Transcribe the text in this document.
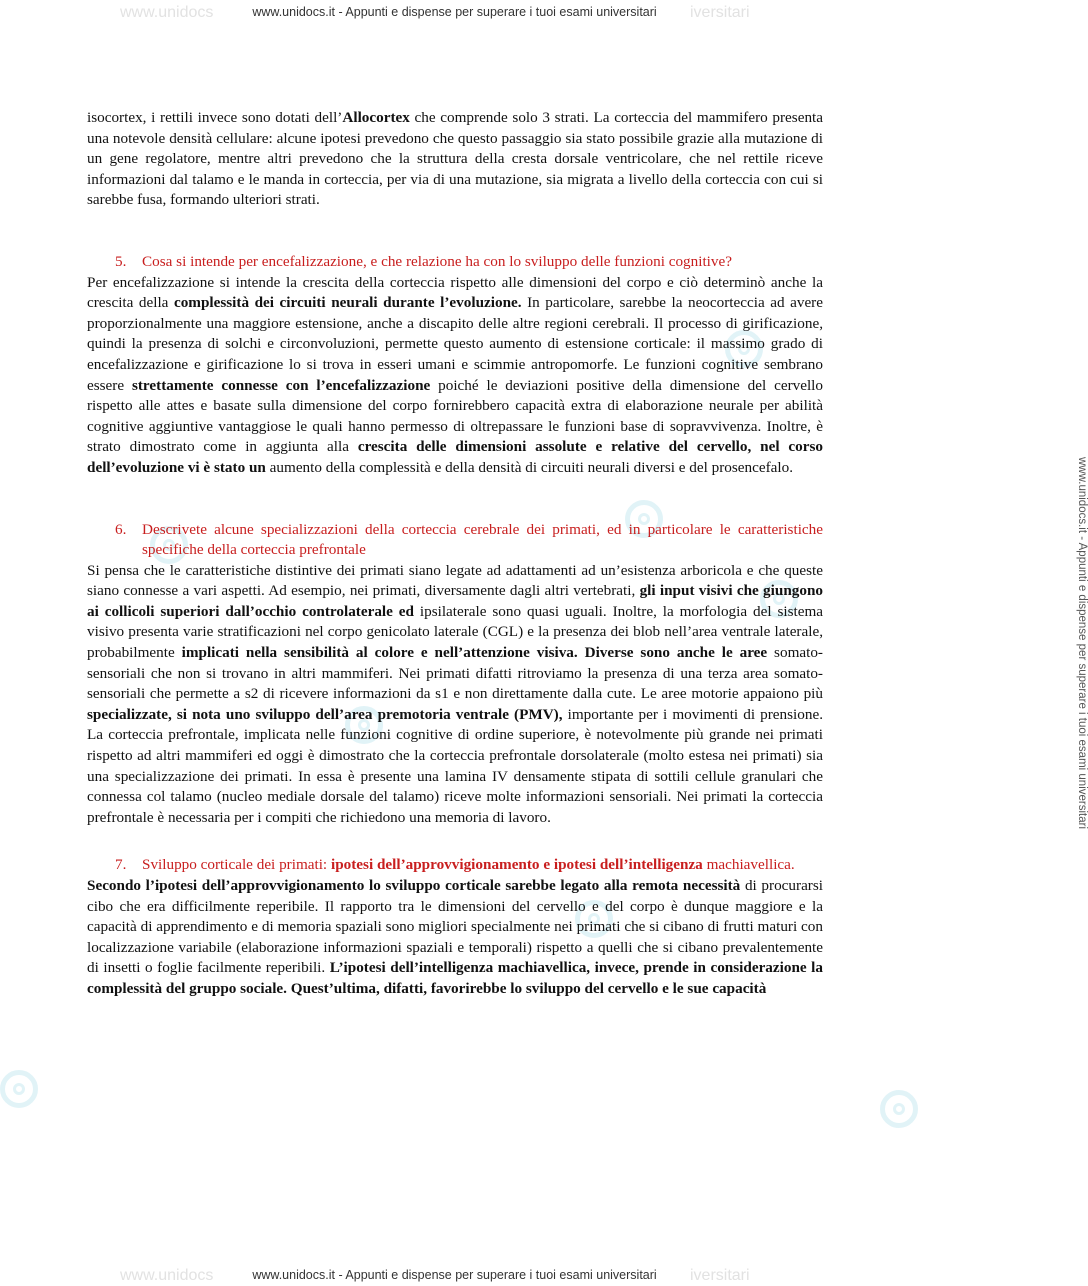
www.unidocs	iversitari
www.unidocs.it - Appunti e dispense per superare i tuoi esami universitari
www.unidocs	iversitari
www.unidocs.it - Appunti e dispense per superare i tuoi esami universitari
www.unidocs.it - Appunti e dispense per superare i tuoi esami universitari

isocortex, i rettili invece sono dotati dell’Allocortex che comprende solo 3 strati. La corteccia del mammifero presenta una notevole densità cellulare: alcune ipotesi prevedono che questo passaggio sia stato possibile grazie alla mutazione di un gene regolatore, mentre altri prevedono che la struttura della cresta dorsale ventricolare, che nel rettile riceve informazioni dal talamo e le manda in corteccia, per via di una mutazione, sia migrata a livello della corteccia con cui si sarebbe fusa, formando ulteriori strati.

5. Cosa si intende per encefalizzazione, e che relazione ha con lo sviluppo delle funzioni cognitive?

Per encefalizzazione si intende la crescita della corteccia rispetto alle dimensioni del corpo e ciò determinò anche la crescita della complessità dei circuiti neurali durante l’evoluzione. In particolare, sarebbe la neocorteccia ad avere proporzionalmente una maggiore estensione, anche a discapito delle altre regioni cerebrali. Il processo di girificazione, quindi la presenza di solchi e circonvoluzioni, permette questo aumento di estensione corticale: il massimo grado di encefalizzazione e girificazione lo si trova in esseri umani e scimmie antropomorfe. Le funzioni cognitive sembrano essere strettamente connesse con l’encefalizzazione poiché le deviazioni positive della dimensione del cervello rispetto alle attes e basate sulla dimensione del corpo fornirebbero capacità extra di elaborazione neurale per abilità cognitive aggiuntive vantaggiose le quali hanno permesso di oltrepassare le funzioni base di sopravvivenza. Inoltre, è strato dimostrato come in aggiunta alla crescita delle dimensioni assolute e relative del cervello, nel corso dell’evoluzione vi è stato un aumento della complessità e della densità di circuiti neurali diversi e del prosencefalo.

6. Descrivete alcune specializzazioni della corteccia cerebrale dei primati, ed in particolare le caratteristiche specifiche della corteccia prefrontale

Si pensa che le caratteristiche distintive dei primati siano legate ad adattamenti ad un’esistenza arboricola e che queste siano connesse a vari aspetti. Ad esempio, nei primati, diversamente dagli altri vertebrati, gli input visivi che giungono ai collicoli superiori dall’occhio controlaterale ed ipsilaterale sono quasi uguali. Inoltre, la morfologia del sistema visivo presenta varie stratificazioni nel corpo genicolato laterale (CGL) e la presenza dei blob nell’area ventrale laterale, probabilmente implicati nella sensibilità al colore e nell’attenzione visiva. Diverse sono anche le aree somato-sensoriali che non si trovano in altri mammiferi. Nei primati difatti ritroviamo la presenza di una terza area somato-sensoriali che permette a s2 di ricevere informazioni da s1 e non direttamente dalla cute. Le aree motorie appaiono più specializzate, si nota uno sviluppo dell’area premotoria ventrale (PMV), importante per i movimenti di prensione. La corteccia prefrontale, implicata nelle funzioni cognitive di ordine superiore, è notevolmente più grande nei primati rispetto ad altri mammiferi ed oggi è dimostrato che la corteccia prefrontale dorsolaterale (molto estesa nei primati) sia una specializzazione dei primati. In essa è presente una lamina IV densamente stipata di sottili cellule granulari che connessa col talamo (nucleo mediale dorsale del talamo) riceve molte informazioni sensoriali. Nei primati la corteccia prefrontale è necessaria per i compiti che richiedono una memoria di lavoro.

7. Sviluppo corticale dei primati: ipotesi dell’approvvigionamento e ipotesi dell’intelligenza machiavellica.

Secondo l’ipotesi dell’approvvigionamento lo sviluppo corticale sarebbe legato alla remota necessità di procurarsi cibo che era difficilmente reperibile. Il rapporto tra le dimensioni del cervello e del corpo è dunque maggiore e la capacità di apprendimento e di memoria spaziali sono migliori specialmente nei primati che si cibano di frutti maturi con localizzazione variabile (elaborazione informazioni spaziali e temporali) rispetto a quelli che si cibano prevalentemente di insetti o foglie facilmente reperibili. L’ipotesi dell’intelligenza machiavellica, invece, prende in considerazione la complessità del gruppo sociale. Quest’ultima, difatti, favorirebbe lo sviluppo del cervello e le sue capacità
